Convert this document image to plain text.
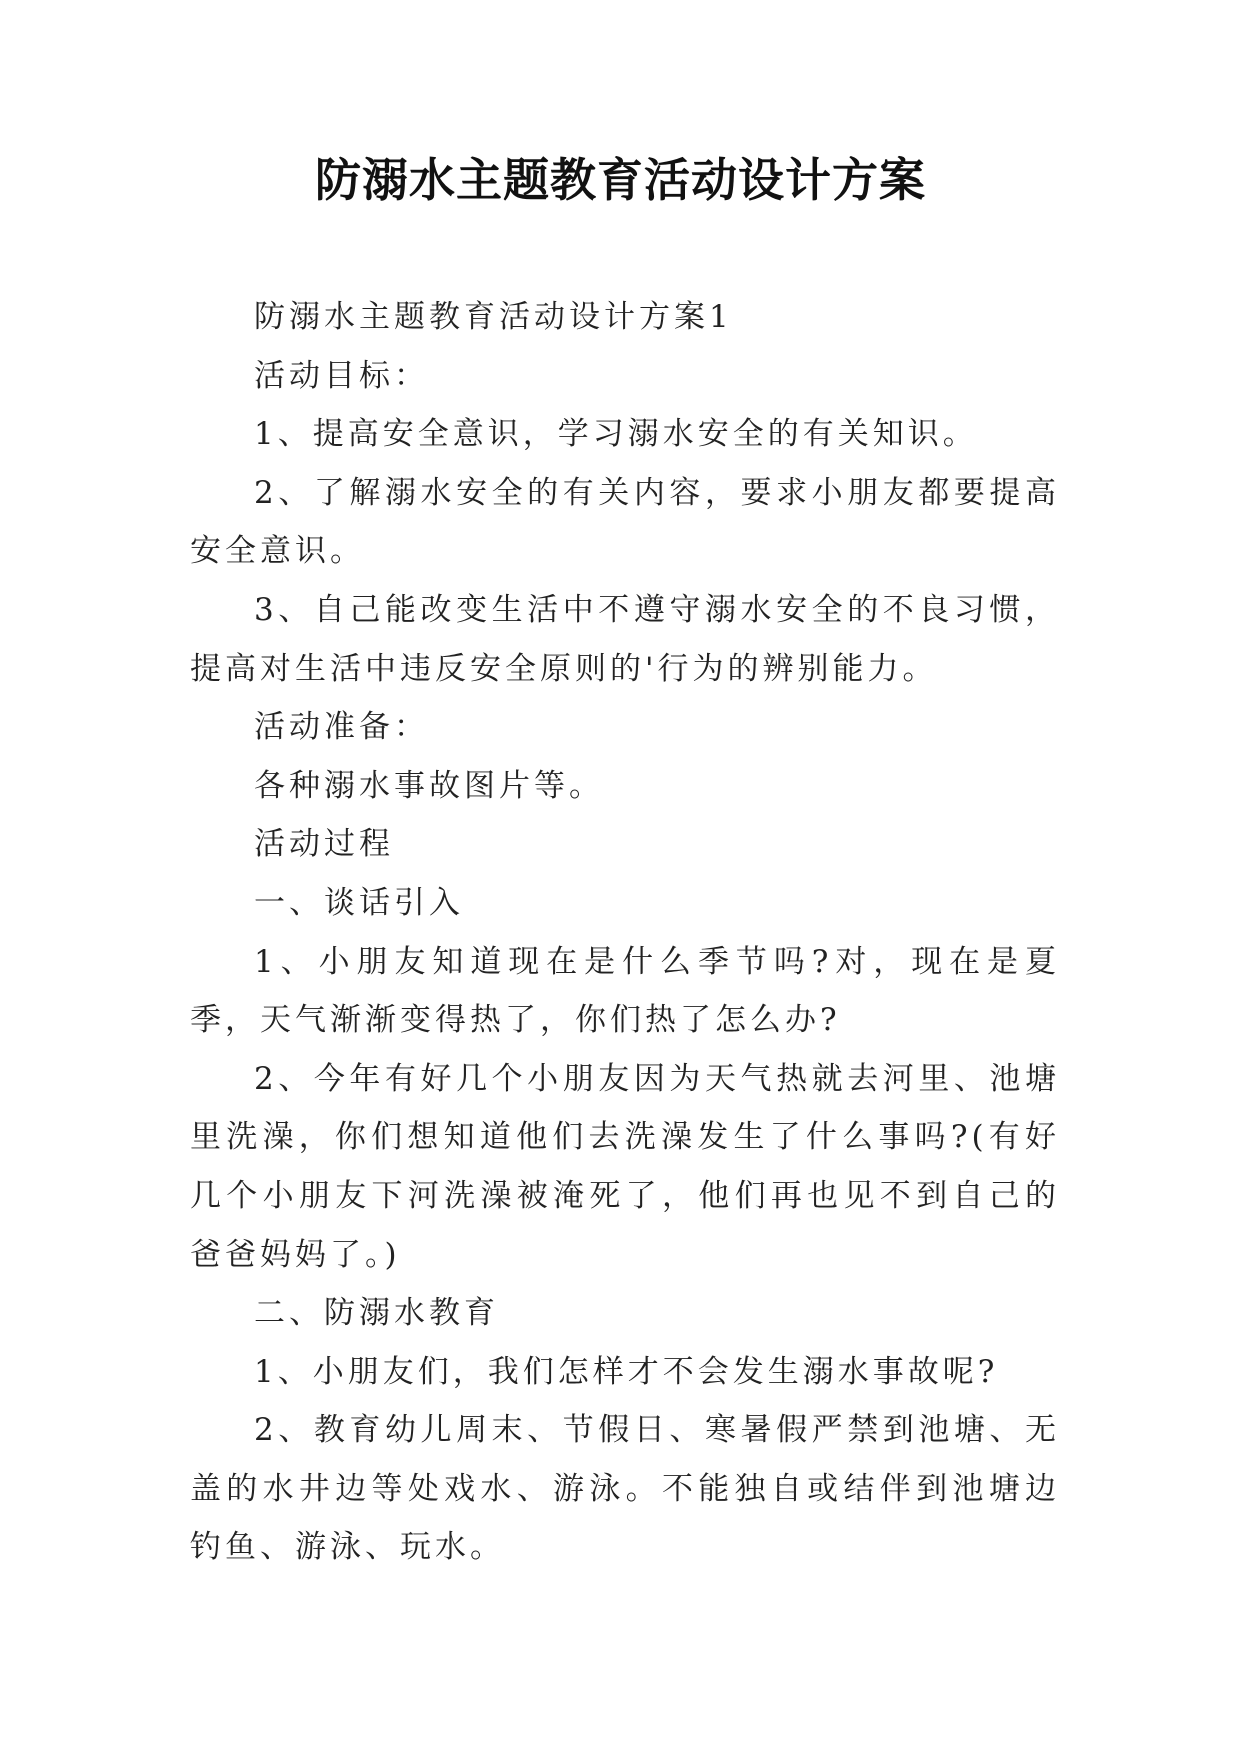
防溺水主题教育活动设计方案

防溺水主题教育活动设计方案1

活动目标：

1、提高安全意识，学习溺水安全的有关知识。

2、了解溺水安全的有关内容，要求小朋友都要提高安全意识。

3、自己能改变生活中不遵守溺水安全的不良习惯，提高对生活中违反安全原则的'行为的辨别能力。

活动准备：

各种溺水事故图片等。

活动过程

一、谈话引入

1、小朋友知道现在是什么季节吗?对，现在是夏季，天气渐渐变得热了，你们热了怎么办?

2、今年有好几个小朋友因为天气热就去河里、池塘里洗澡，你们想知道他们去洗澡发生了什么事吗?(有好几个小朋友下河洗澡被淹死了，他们再也见不到自己的爸爸妈妈了。)

二、防溺水教育

1、小朋友们，我们怎样才不会发生溺水事故呢?

2、教育幼儿周末、节假日、寒暑假严禁到池塘、无盖的水井边等处戏水、游泳。不能独自或结伴到池塘边钓鱼、游泳、玩水。
